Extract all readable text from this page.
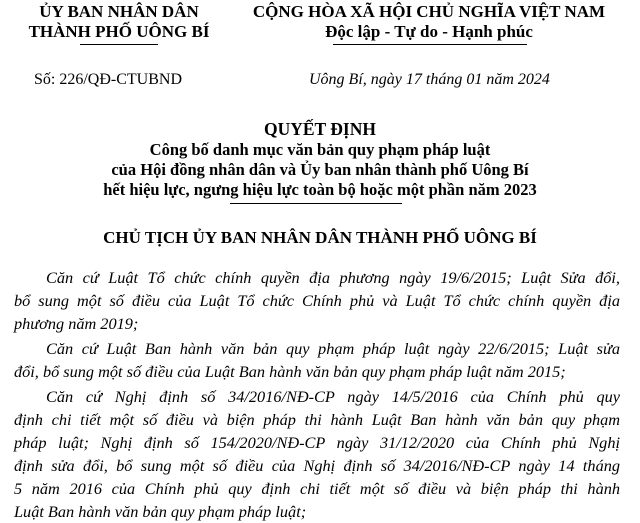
ỦY BAN NHÂN DÂN
THÀNH PHỐ UÔNG BÍ
CỘNG HÒA XÃ HỘI CHỦ NGHĨA VIỆT NAM
Độc lập - Tự do - Hạnh phúc
Số: 226/QĐ-CTUBND	Uông Bí, ngày 17 tháng 01 năm 2024
QUYẾT ĐỊNH
Công bố danh mục văn bản quy phạm pháp luật
của Hội đồng nhân dân và Ủy ban nhân thành phố Uông Bí
hết hiệu lực, ngưng hiệu lực toàn bộ hoặc một phần năm 2023
CHỦ TỊCH ỦY BAN NHÂN DÂN THÀNH PHỐ UÔNG BÍ
Căn cứ Luật Tổ chức chính quyền địa phương ngày 19/6/2015; Luật Sửa đổi,
bổ sung một số điều của Luật Tổ chức Chính phủ và Luật Tổ chức chính quyền địa
phương năm 2019;
Căn cứ Luật Ban hành văn bản quy phạm pháp luật ngày 22/6/2015; Luật sửa
đổi, bổ sung một số điều của Luật Ban hành văn bản quy phạm pháp luật năm 2015;
Căn cứ Nghị định số 34/2016/NĐ-CP ngày 14/5/2016 của Chính phủ quy
định chi tiết một số điều và biện pháp thi hành Luật Ban hành văn bản quy phạm
pháp luật; Nghị định số 154/2020/NĐ-CP ngày 31/12/2020 của Chính phủ Nghị
định sửa đổi, bổ sung một số điều của Nghị định số 34/2016/NĐ-CP ngày 14 tháng
5 năm 2016 của Chính phủ quy định chi tiết một số điều và biện pháp thi hành
Luật Ban hành văn bản quy phạm pháp luật;
